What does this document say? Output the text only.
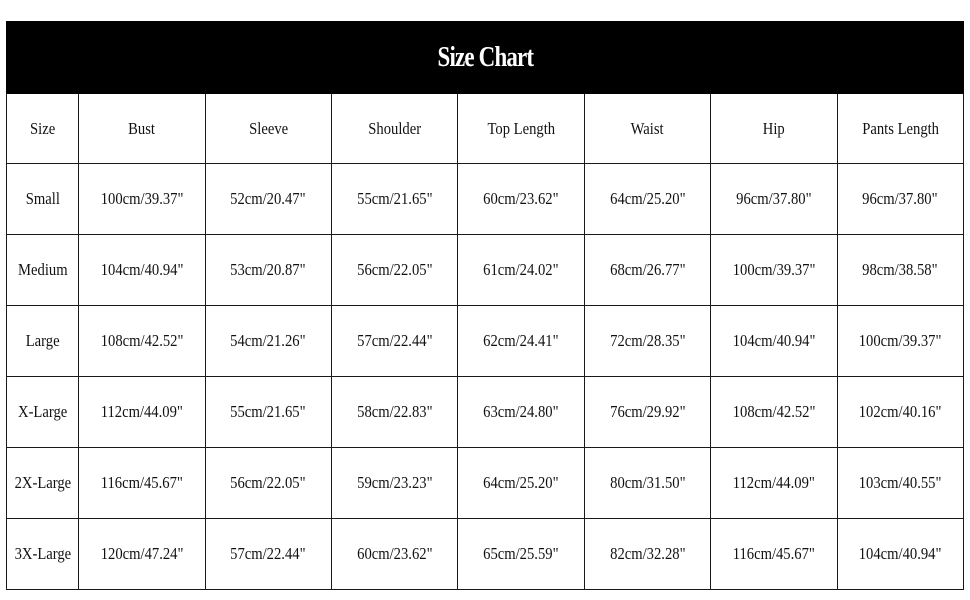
Size Chart							
Size	Bust	Sleeve	Shoulder	Top Length	Waist	Hip	Pants Length
Small	100cm/39.37"	52cm/20.47"	55cm/21.65"	60cm/23.62"	64cm/25.20"	96cm/37.80"	96cm/37.80"
Medium	104cm/40.94"	53cm/20.87"	56cm/22.05"	61cm/24.02"	68cm/26.77"	100cm/39.37"	98cm/38.58"
Large	108cm/42.52"	54cm/21.26"	57cm/22.44"	62cm/24.41"	72cm/28.35"	104cm/40.94"	100cm/39.37"
X-Large	112cm/44.09"	55cm/21.65"	58cm/22.83"	63cm/24.80"	76cm/29.92"	108cm/42.52"	102cm/40.16"
2X-Large	116cm/45.67"	56cm/22.05"	59cm/23.23"	64cm/25.20"	80cm/31.50"	112cm/44.09"	103cm/40.55"
3X-Large	120cm/47.24"	57cm/22.44"	60cm/23.62"	65cm/25.59"	82cm/32.28"	116cm/45.67"	104cm/40.94"
